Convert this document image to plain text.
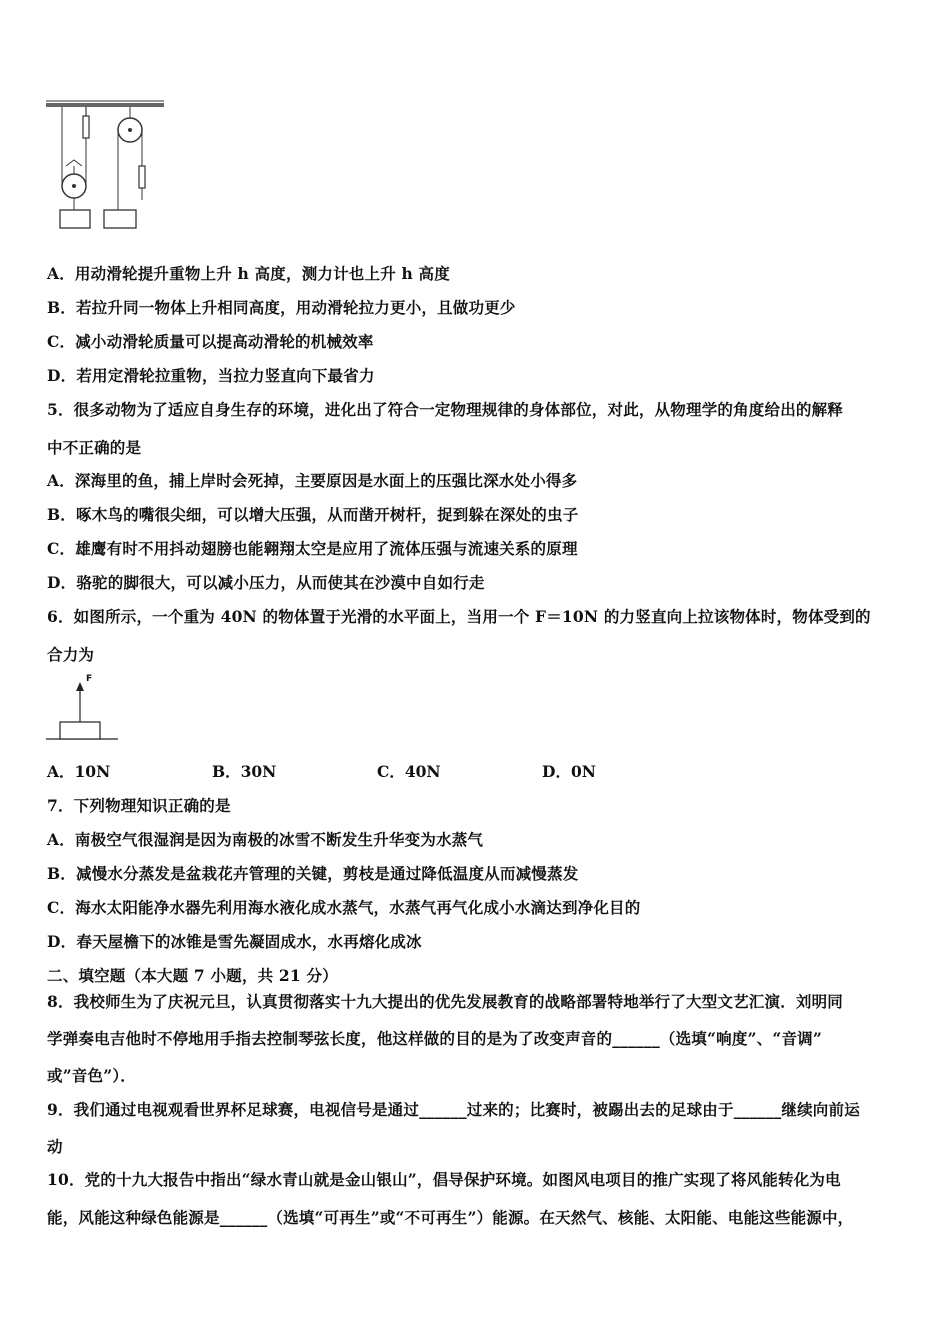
A．用动滑轮提升重物上升 h 高度，测力计也上升 h 高度
B．若拉升同一物体上升相同高度，用动滑轮拉力更小，且做功更少
C．减小动滑轮质量可以提高动滑轮的机械效率
D．若用定滑轮拉重物，当拉力竖直向下最省力
5．很多动物为了适应自身生存的环境，进化出了符合一定物理规律的身体部位，对此，从物理学的角度给出的解释
中不正确的是
A．深海里的鱼，捕上岸时会死掉，主要原因是水面上的压强比深水处小得多
B．啄木鸟的嘴很尖细，可以增大压强，从而凿开树杆，捉到躲在深处的虫子
C．雄鹰有时不用抖动翅膀也能翱翔太空是应用了流体压强与流速关系的原理
D．骆驼的脚很大，可以减小压力，从而使其在沙漠中自如行走
6．如图所示，一个重为 40N 的物体置于光滑的水平面上，当用一个 F＝10N 的力竖直向上拉该物体时，物体受到的
合力为
F
A．10N	B．30N	C．40N	D．0N
7．下列物理知识正确的是
A．南极空气很湿润是因为南极的冰雪不断发生升华变为水蒸气
B．减慢水分蒸发是盆栽花卉管理的关键，剪枝是通过降低温度从而减慢蒸发
C．海水太阳能净水器先利用海水液化成水蒸气，水蒸气再气化成小水滴达到净化目的
D．春天屋檐下的冰锥是雪先凝固成水，水再熔化成冰
二、填空题（本大题 7 小题，共 21 分）
8．我校师生为了庆祝元旦，认真贯彻落实十九大提出的优先发展教育的战略部署特地举行了大型文艺汇演．刘明同
学弹奏电吉他时不停地用手指去控制琴弦长度，他这样做的目的是为了改变声音的______（选填“响度”、“音调”
或”音色”）．
9．我们通过电视观看世界杯足球赛，电视信号是通过______过来的；比赛时，被踢出去的足球由于______继续向前运
动
10．党的十九大报告中指出“绿水青山就是金山银山”，倡导保护环境。如图风电项目的推广实现了将风能转化为电
能，风能这种绿色能源是______（选填“可再生”或“不可再生”）能源。在天然气、核能、太阳能、电能这些能源中，
